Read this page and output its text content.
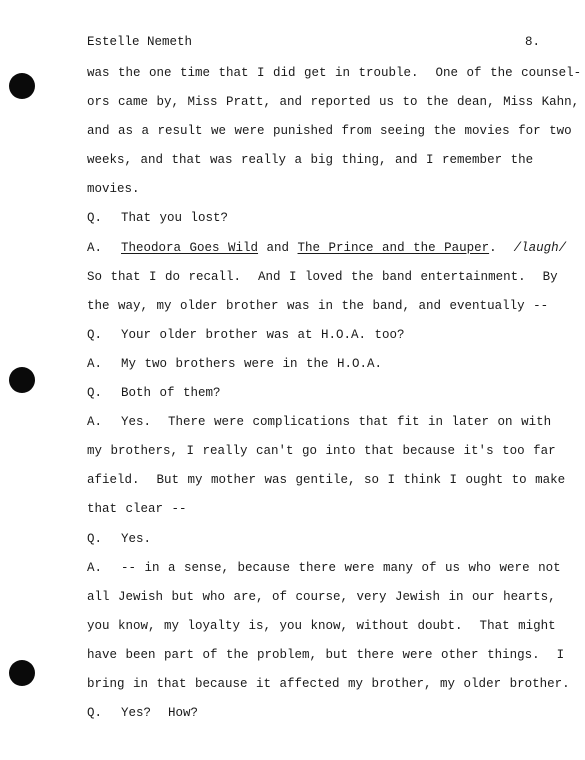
Estelle Nemeth	8.
was the one time that I did get in trouble.  One of the counsel-
ors came by, Miss Pratt, and reported us to the dean, Miss Kahn,
and as a result we were punished from seeing the movies for two
weeks, and that was really a big thing, and I remember the
movies.
Q. That you lost?
A. Theodora Goes Wild and The Prince and the Pauper. /laugh/
So that I do recall.  And I loved the band entertainment.  By
the way, my older brother was in the band, and eventually --
Q. Your older brother was at H.O.A. too?
A. My two brothers were in the H.O.A.
Q. Both of them?
A. Yes.  There were complications that fit in later on with
my brothers, I really can't go into that because it's too far
afield.  But my mother was gentile, so I think I ought to make
that clear --
Q. Yes.
A. -- in a sense, because there were many of us who were not
all Jewish but who are, of course, very Jewish in our hearts,
you know, my loyalty is, you know, without doubt.  That might
have been part of the problem, but there were other things.  I
bring in that because it affected my brother, my older brother.
Q. Yes?  How?
